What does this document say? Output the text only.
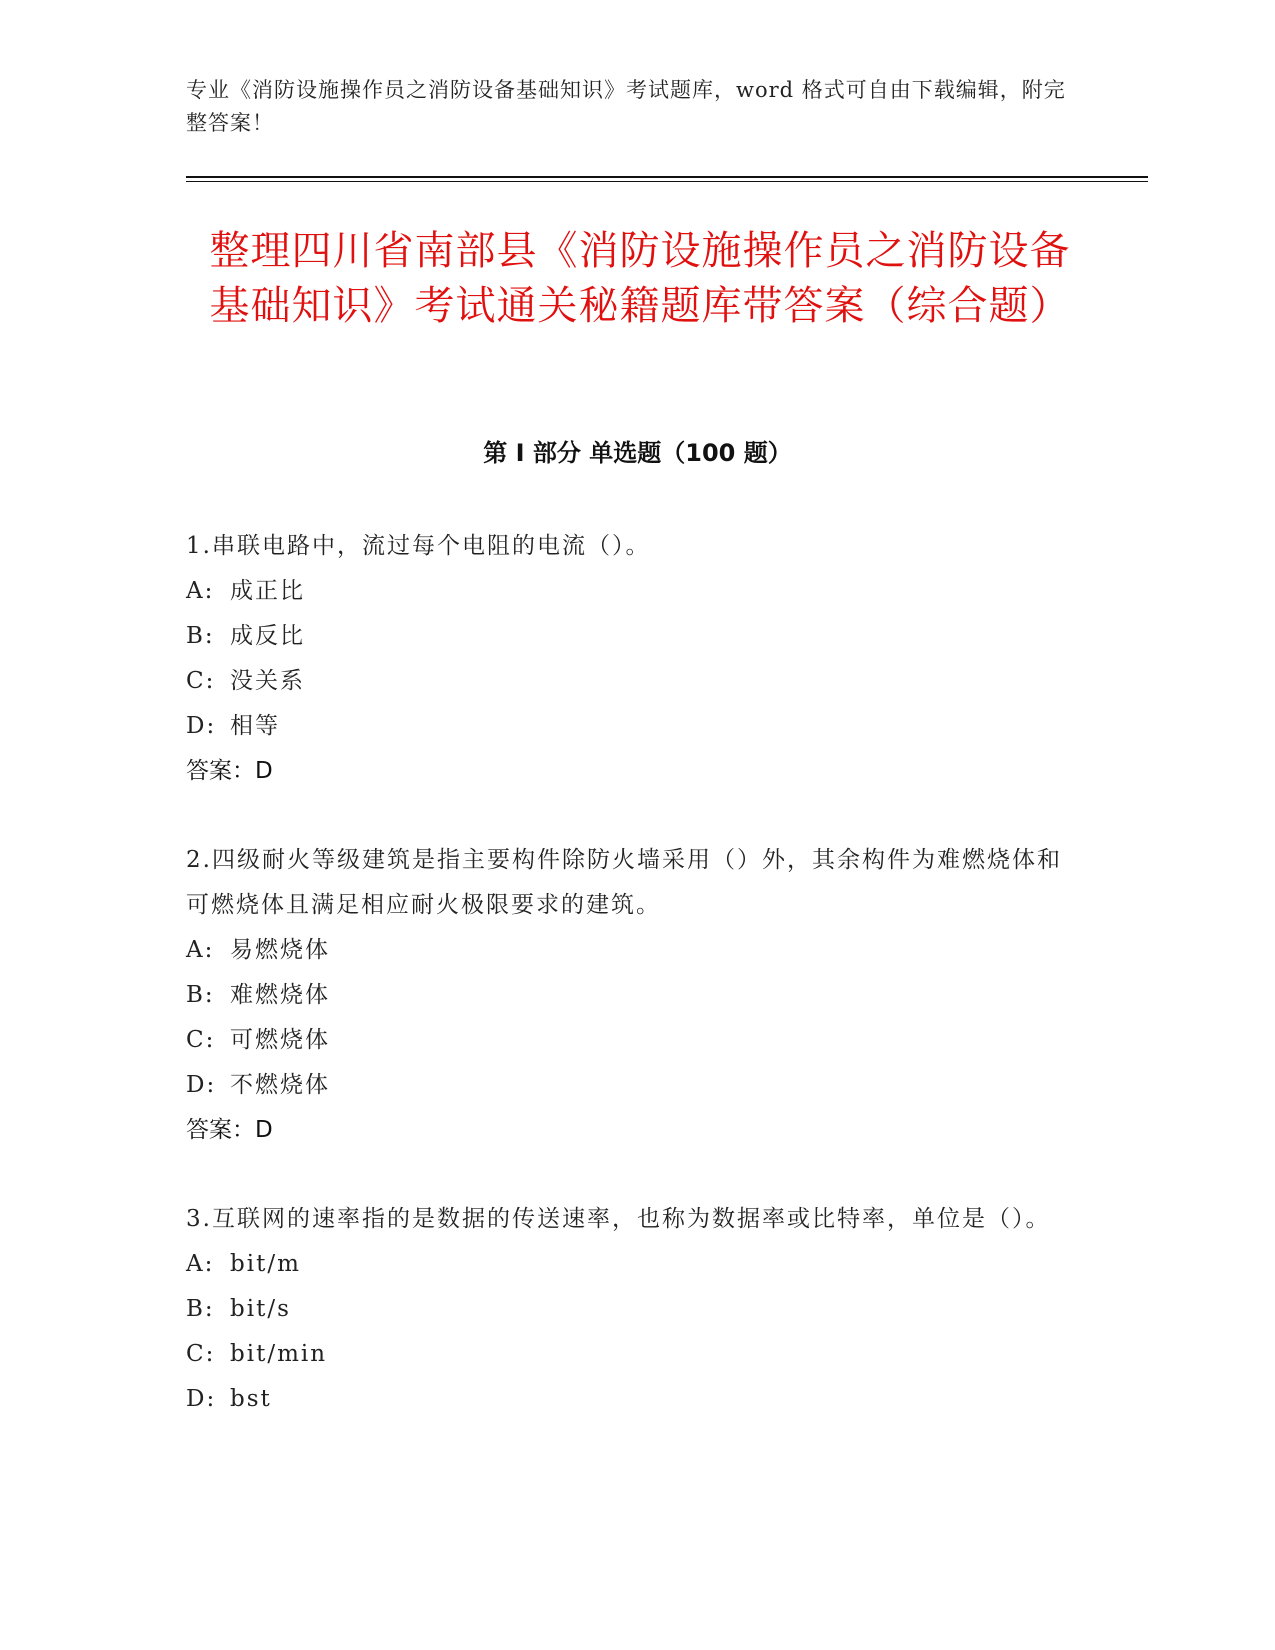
专业《消防设施操作员之消防设备基础知识》考试题库，word 格式可自由下载编辑，附完整答案！
整理四川省南部县《消防设施操作员之消防设备基础知识》考试通关秘籍题库带答案（综合题）
第 I 部分 单选题（100 题）
1.串联电路中，流过每个电阻的电流（）。
A: 成正比
B: 成反比
C: 没关系
D: 相等
答案：D
2.四级耐火等级建筑是指主要构件除防火墙采用（）外，其余构件为难燃烧体和可燃烧体且满足相应耐火极限要求的建筑。
A: 易燃烧体
B: 难燃烧体
C: 可燃烧体
D: 不燃烧体
答案：D
3.互联网的速率指的是数据的传送速率，也称为数据率或比特率，单位是（）。
A: bit/m
B: bit/s
C: bit/min
D: bst
